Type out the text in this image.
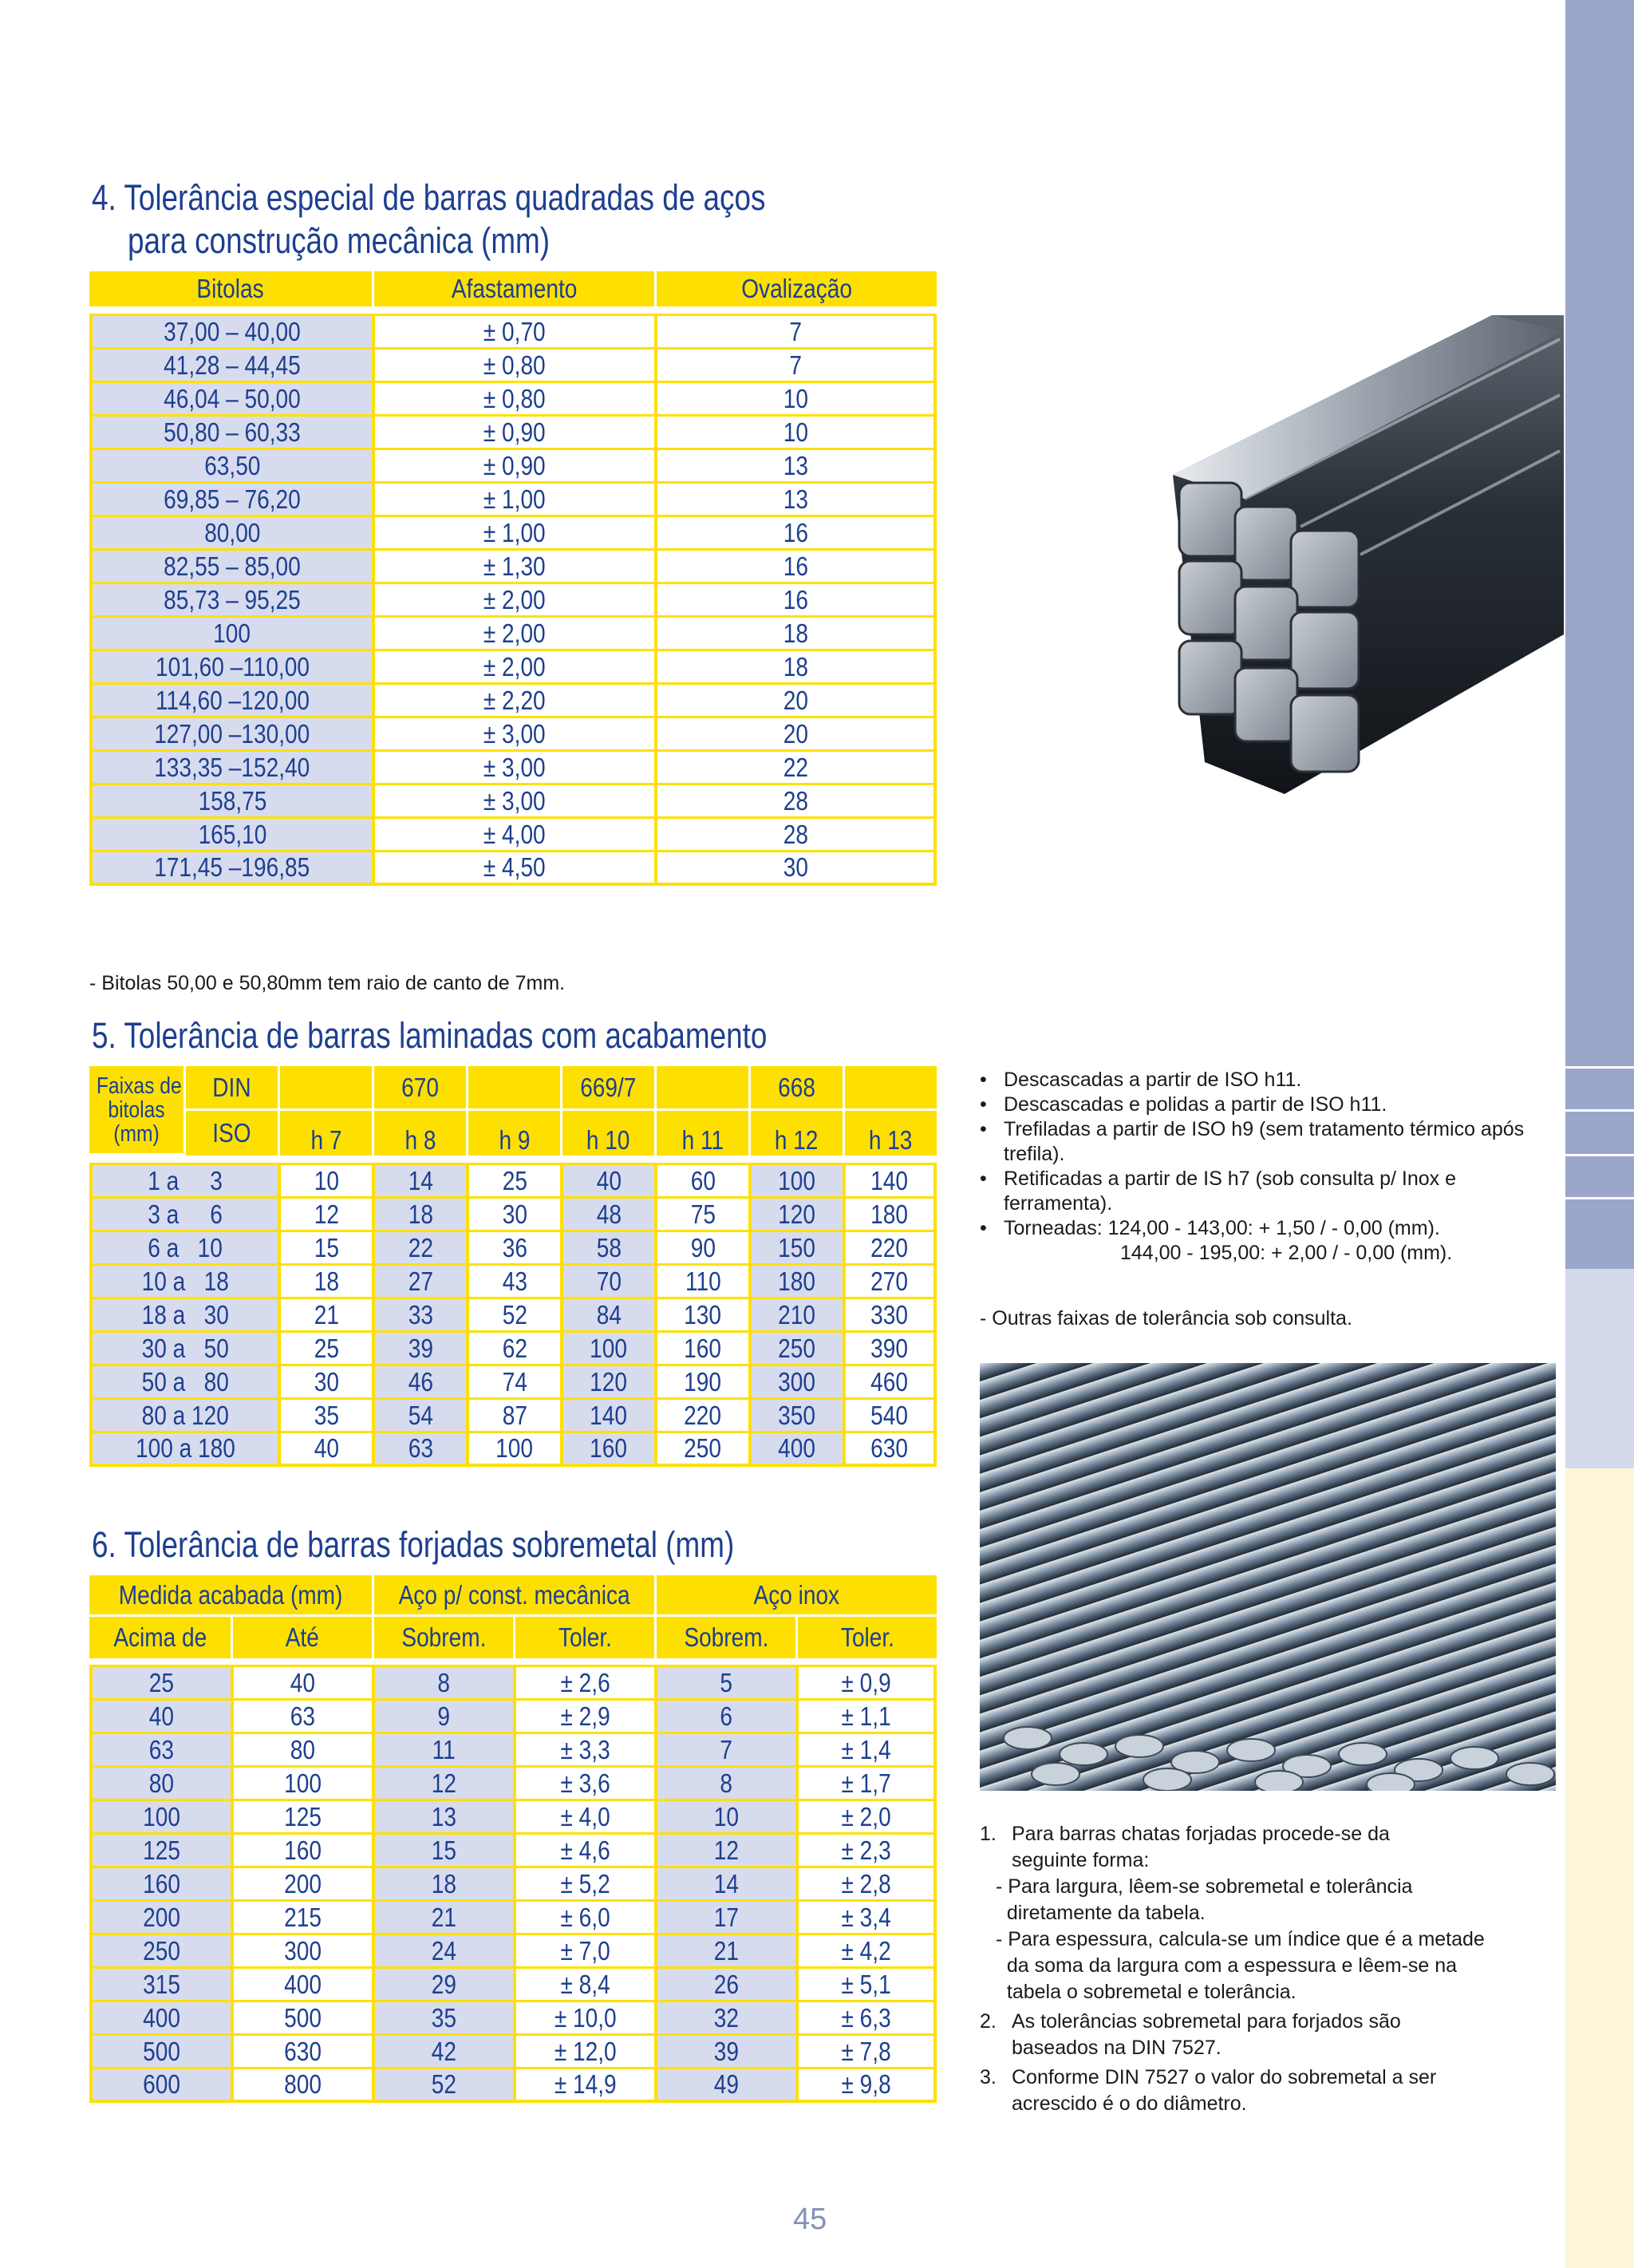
4. Tolerância especial de barras quadradas de aços
para construção mecânica (mm)
Bitolas	Afastamento	Ovalização

37,00 – 40,00	± 0,70	7
41,28 – 44,45	± 0,80	7
46,04 – 50,00	± 0,80	10
50,80 – 60,33	± 0,90	10
63,50	± 0,90	13
69,85 – 76,20	± 1,00	13
80,00	± 1,00	16
82,55 – 85,00	± 1,30	16
85,73 – 95,25	± 2,00	16
100	± 2,00	18
101,60 –110,00	± 2,00	18
114,60 –120,00	± 2,20	20
127,00 –130,00	± 3,00	20
133,35 –152,40	± 3,00	22
158,75	± 3,00	28
165,10	± 4,00	28
171,45 –196,85	± 4,50	30
- Bitolas 50,00 e 50,80mm tem raio de canto de 7mm.
5. Tolerância de barras laminadas com acabamento
Faixas de
bitolas
(mm)	DIN		670		669/7		668	
	ISO	h 7	h 8	h 9	h 10	h 11	h 12	h 13

1 a     3		10	14	25	40	60	100	140
3 a     6		12	18	30	48	75	120	180
6 a   10		15	22	36	58	90	150	220
10 a   18		18	27	43	70	110	180	270
18 a   30		21	33	52	84	130	210	330
30 a   50		25	39	62	100	160	250	390
50 a   80		30	46	74	120	190	300	460
80 a 120		35	54	87	140	220	350	540
100 a 180		40	63	100	160	250	400	630
• Descascadas a partir de ISO h11.
• Descascadas e polidas a partir de ISO h11.
• Trefiladas a partir de ISO h9 (sem tratamento térmico após trefila).
• Retificadas a partir de IS h7 (sob consulta p/ Inox e ferramenta).
• Torneadas: 124,00 - 143,00: + 1,50 / - 0,00 (mm).
144,00 - 195,00: + 2,00 / - 0,00 (mm).
- Outras faixas de tolerância sob consulta.
6. Tolerância de barras forjadas sobremetal (mm)
Medida acabada (mm)		Aço p/ const. mecânica		Aço inox	
Acima de	Até	Sobrem.	Toler.	Sobrem.	Toler.

25	40	8	± 2,6	5	± 0,9
40	63	9	± 2,9	6	± 1,1
63	80	11	± 3,3	7	± 1,4
80	100	12	± 3,6	8	± 1,7
100	125	13	± 4,0	10	± 2,0
125	160	15	± 4,6	12	± 2,3
160	200	18	± 5,2	14	± 2,8
200	215	21	± 6,0	17	± 3,4
250	300	24	± 7,0	21	± 4,2
315	400	29	± 8,4	26	± 5,1
400	500	35	± 10,0	32	± 6,3
500	630	42	± 12,0	39	± 7,8
600	800	52	± 14,9	49	± 9,8
1. Para barras chatas forjadas procede-se da
seguinte forma:
- Para largura, lêem-se sobremetal e tolerância
diretamente da tabela.
- Para espessura, calcula-se um índice que é a metade
da soma da largura com a espessura e lêem-se na
tabela o sobremetal e tolerância.
2. As tolerâncias sobremetal para forjados são
baseados na DIN 7527.
3. Conforme DIN 7527 o valor do sobremetal a ser
acrescido é o do diâmetro.
45
